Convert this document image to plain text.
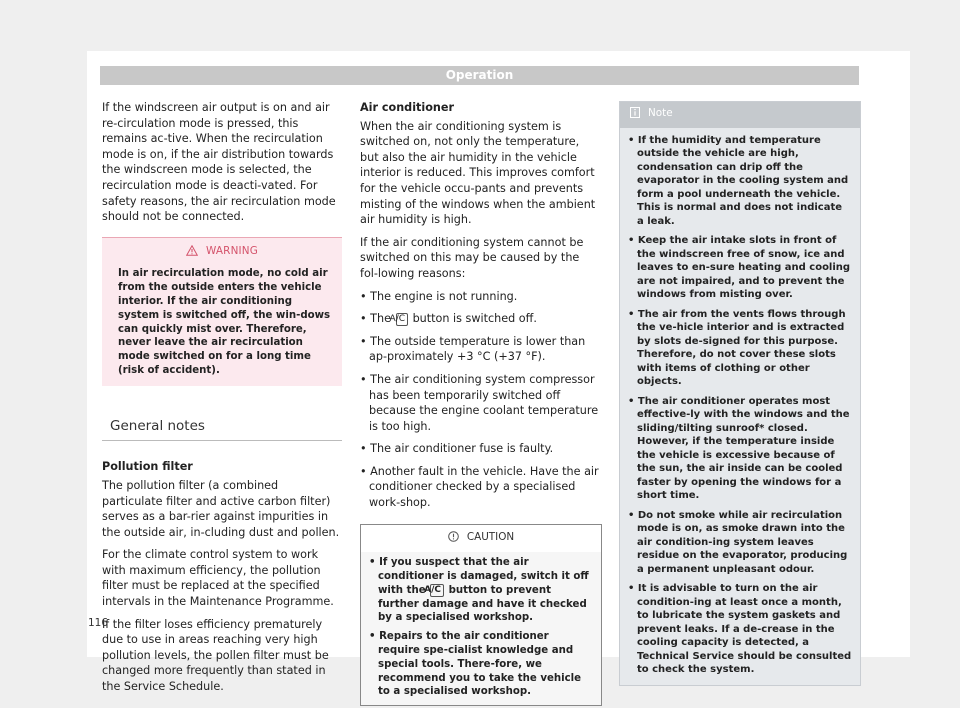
Operation

If the windscreen air output is on and air re-circulation mode is pressed, this remains ac-tive. When the recirculation mode is on, if the air distribution towards the windscreen mode is selected, the recirculation mode is deacti-vated. For safety reasons, the air recirculation mode should not be connected.

WARNING
In air recirculation mode, no cold air from the outside enters the vehicle interior. If the air conditioning system is switched off, the win-dows can quickly mist over. Therefore, never leave the air recirculation mode switched on for a long time (risk of accident).
General notes

Pollution filter

The pollution filter (a combined particulate filter and active carbon filter) serves as a bar-rier against impurities in the outside air, in-cluding dust and pollen.

For the climate control system to work with maximum efficiency, the pollution filter must be replaced at the specified intervals in the Maintenance Programme.

If the filter loses efficiency prematurely due to use in areas reaching very high pollution levels, the pollen filter must be changed more frequently than stated in the Service Schedule.

Air conditioner

When the air conditioning system is switched on, not only the temperature, but also the air humidity in the vehicle interior is reduced. This improves comfort for the vehicle occu-pants and prevents misting of the windows when the ambient air humidity is high.

If the air conditioning system cannot be switched on this may be caused by the fol-lowing reasons:

• The engine is not running.

• The A/C button is switched off.

• The outside temperature is lower than ap-proximately +3 °C (+37 °F).

• The air conditioning system compressor has been temporarily switched off because the engine coolant temperature is too high.

• The air conditioner fuse is faulty.

• Another fault in the vehicle. Have the air conditioner checked by a specialised work-shop.

CAUTION

• If you suspect that the air conditioner is damaged, switch it off with the A/C button to prevent further damage and have it checked by a specialised workshop.

• Repairs to the air conditioner require spe-cialist knowledge and special tools. There-fore, we recommend you to take the vehicle to a specialised workshop.

Note

• If the humidity and temperature outside the vehicle are high, condensation can drip off the evaporator in the cooling system and form a pool underneath the vehicle. This is normal and does not indicate a leak.

• Keep the air intake slots in front of the windscreen free of snow, ice and leaves to en-sure heating and cooling are not impaired, and to prevent the windows from misting over.

• The air from the vents flows through the ve-hicle interior and is extracted by slots de-signed for this purpose. Therefore, do not cover these slots with items of clothing or other objects.

• The air conditioner operates most effective-ly with the windows and the sliding/tilting sunroof* closed. However, if the temperature inside the vehicle is excessive because of the sun, the air inside can be cooled faster by opening the windows for a short time.

• Do not smoke while air recirculation mode is on, as smoke drawn into the air condition-ing system leaves residue on the evaporator, producing a permanent unpleasant odour.

• It is advisable to turn on the air condition-ing at least once a month, to lubricate the system gaskets and prevent leaks. If a de-crease in the cooling capacity is detected, a Technical Service should be consulted to check the system.

116
